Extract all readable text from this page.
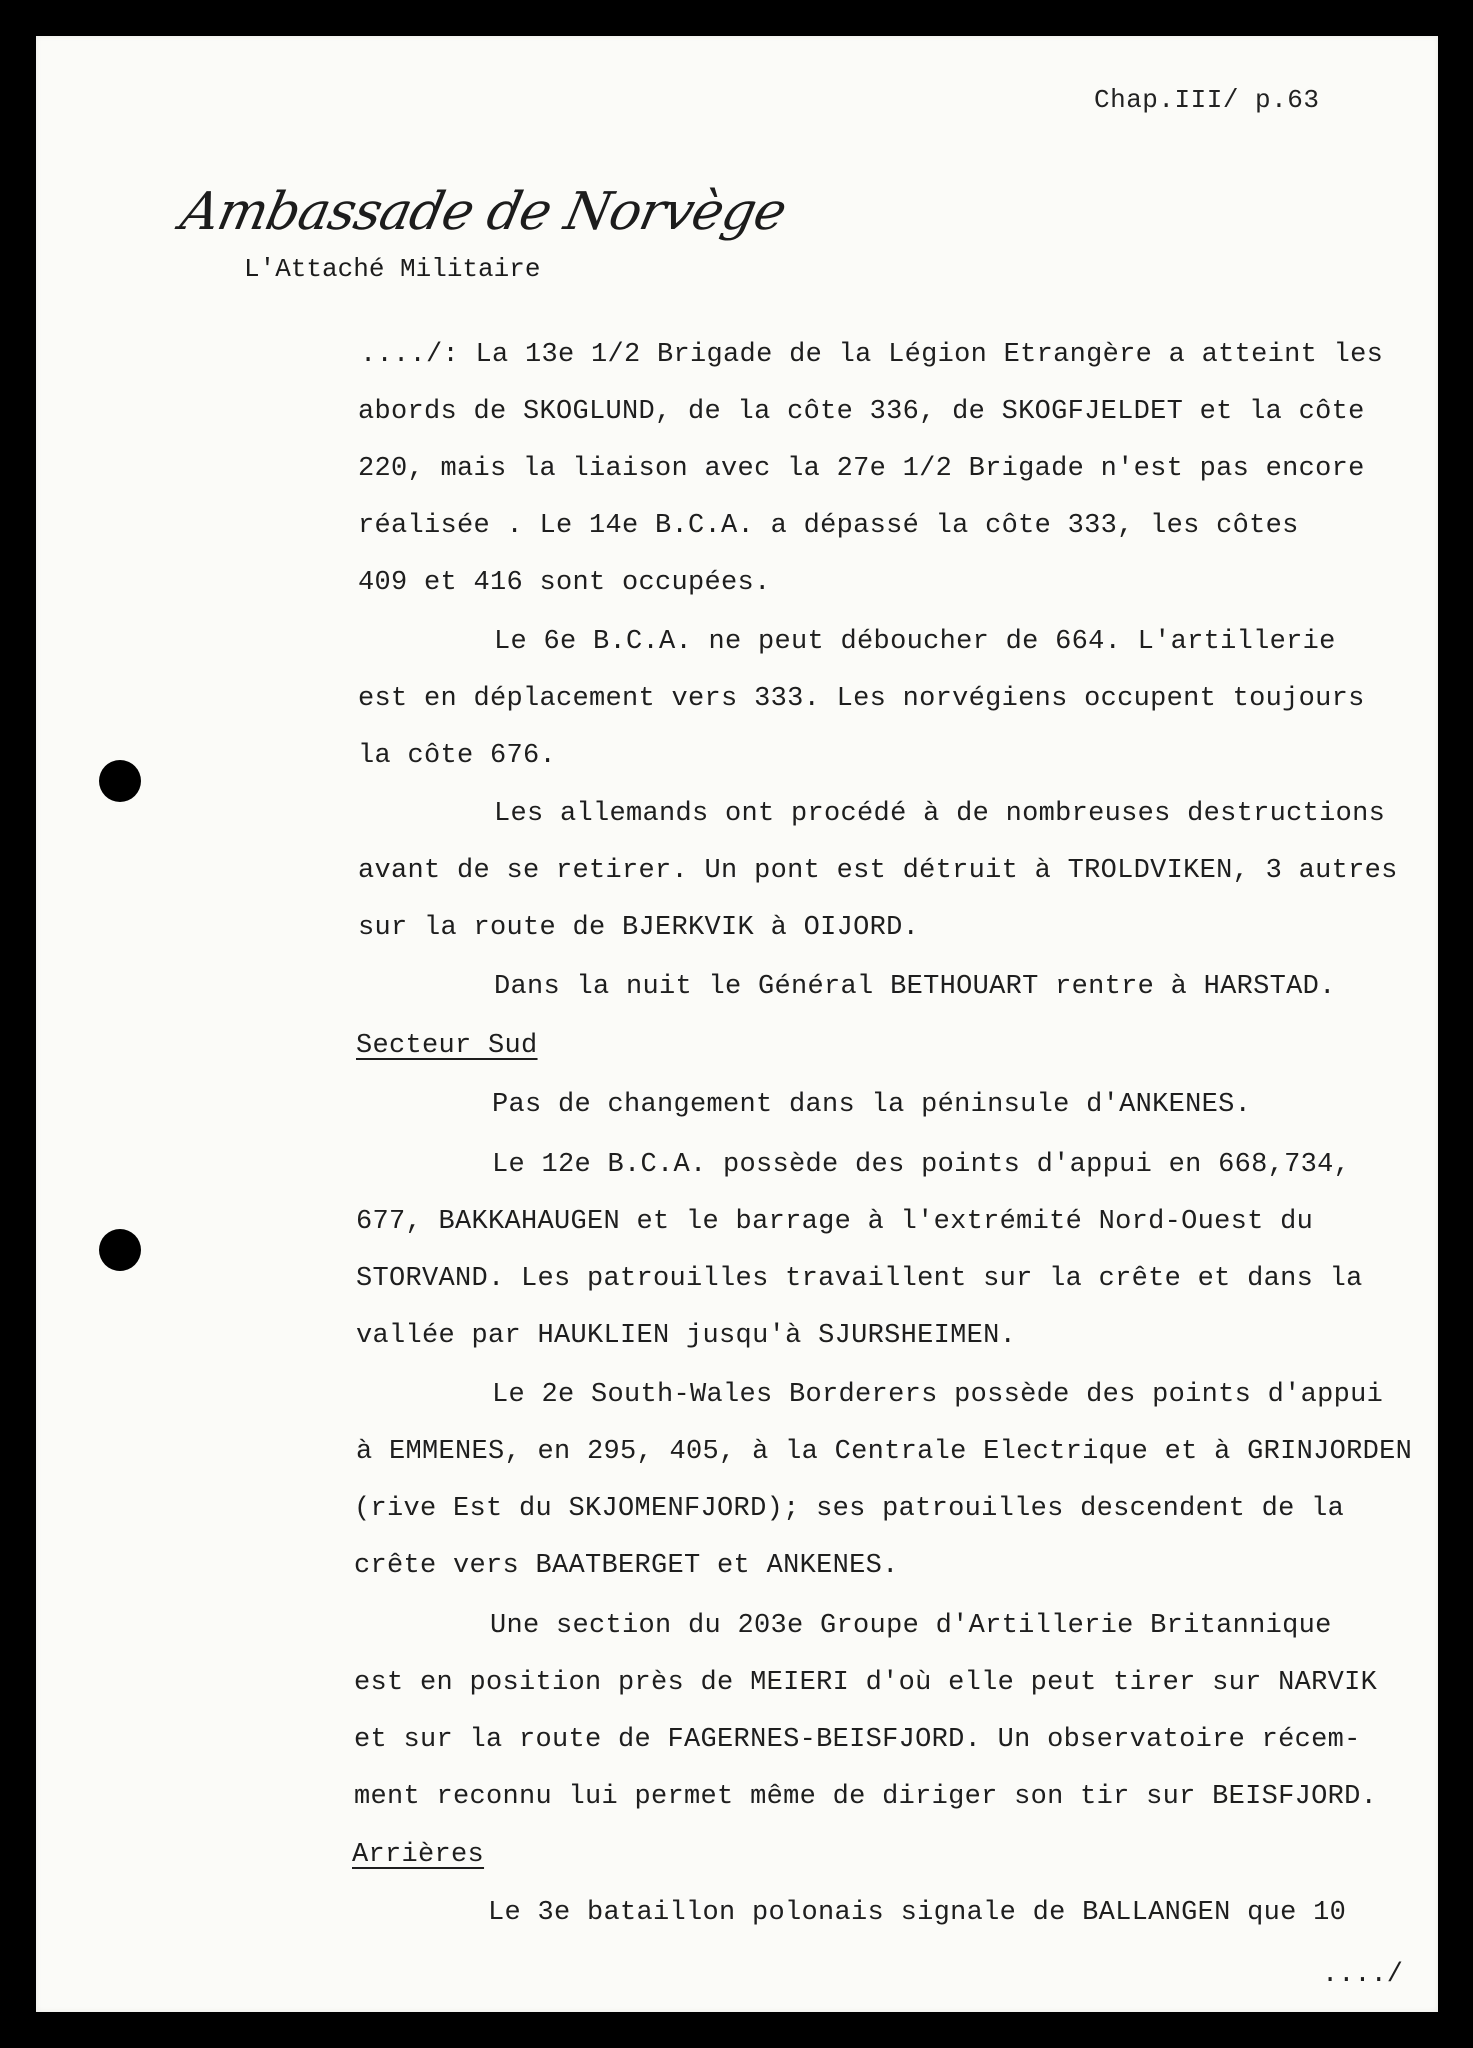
Chap.III/ p.63
Ambassade de Norvège
L'Attaché Militaire
..../: La 13e 1/2 Brigade de la Légion Etrangère a atteint les
abords de SKOGLUND, de la côte 336, de SKOGFJELDET et la côte
220, mais la liaison avec la 27e 1/2 Brigade n'est pas encore
réalisée . Le 14e B.C.A. a dépassé la côte 333, les côtes
409 et 416 sont occupées.
Le 6e B.C.A. ne peut déboucher de 664. L'artillerie
est en déplacement vers 333. Les norvégiens occupent toujours
la côte 676.
Les allemands ont procédé à de nombreuses destructions
avant de se retirer. Un pont est détruit à TROLDVIKEN, 3 autres
sur la route de BJERKVIK à OIJORD.
Dans la nuit le Général BETHOUART rentre à HARSTAD.
Secteur Sud
Pas de changement dans la péninsule d'ANKENES.
Le 12e B.C.A. possède des points d'appui en 668,734,
677, BAKKAHAUGEN et le barrage à l'extrémité Nord-Ouest du
STORVAND. Les patrouilles travaillent sur la crête et dans la
vallée par HAUKLIEN jusqu'à SJURSHEIMEN.
Le 2e South-Wales Borderers possède des points d'appui
à EMMENES, en 295, 405, à la Centrale Electrique et à GRINJORDEN
(rive Est du SKJOMENFJORD); ses patrouilles descendent de la
crête vers BAATBERGET et ANKENES.
Une section du 203e Groupe d'Artillerie Britannique
est en position près de MEIERI d'où elle peut tirer sur NARVIK
et sur la route de FAGERNES-BEISFJORD. Un observatoire récem-
ment reconnu lui permet même de diriger son tir sur BEISFJORD.
Arrières
Le 3e bataillon polonais signale de BALLANGEN que 10
..../
